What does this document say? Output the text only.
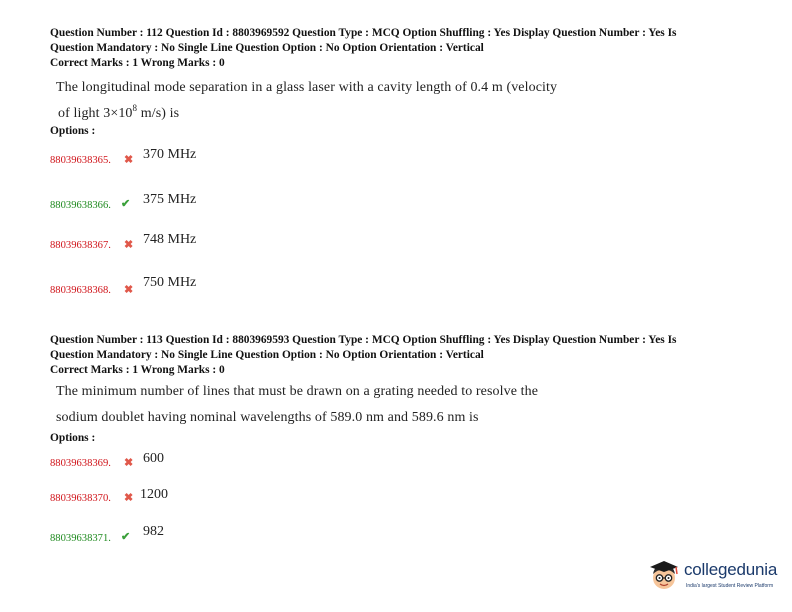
Question Number : 112 Question Id : 8803969592 Question Type : MCQ Option Shuffling : Yes Display Question Number : Yes Is
Question Mandatory : No Single Line Question Option : No Option Orientation : Vertical
Correct Marks : 1 Wrong Marks : 0
The longitudinal mode separation in a glass laser with a cavity length of 0.4 m (velocity
of light $3\times 10^8$ m/s) is
Options :
88039638365. ✖ 370 MHz
88039638366. ✔ 375 MHz
88039638367. ✖ 748 MHz
88039638368. ✖ 750 MHz
Question Number : 113 Question Id : 8803969593 Question Type : MCQ Option Shuffling : Yes Display Question Number : Yes Is
Question Mandatory : No Single Line Question Option : No Option Orientation : Vertical
Correct Marks : 1 Wrong Marks : 0
The minimum number of lines that must be drawn on a grating needed to resolve the
sodium doublet having nominal wavelengths of 589.0 nm and 589.6 nm is
Options :
88039638369. ✖ 600
88039638370. ✖ 1200
88039638371. ✔ 982
collegedunia
India's largest Student Review Platform
